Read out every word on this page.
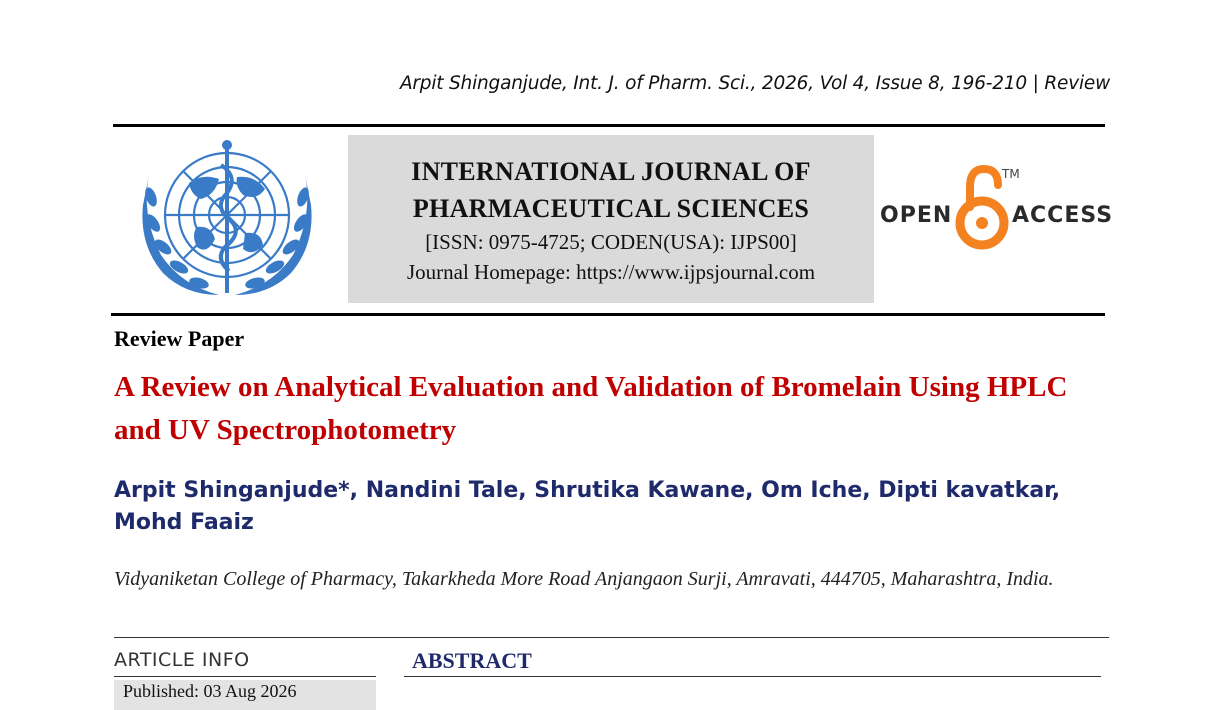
Arpit Shinganjude, Int. J. of Pharm. Sci., 2026, Vol 4, Issue 8, 196-210 | Review
INTERNATIONAL JOURNAL OF
PHARMACEUTICAL SCIENCES
[ISSN: 0975-4725; CODEN(USA): IJPS00]
Journal Homepage: https://www.ijpsjournal.com
OPEN
TM
ACCESS
Review Paper
A Review on Analytical Evaluation and Validation of Bromelain Using HPLC and UV Spectrophotometry
Arpit Shinganjude*, Nandini Tale, Shrutika Kawane, Om Iche, Dipti kavatkar,
Mohd Faaiz
Vidyaniketan College of Pharmacy, Takarkheda More Road Anjangaon Surji, Amravati, 444705, Maharashtra, India.
ARTICLE INFO
Published: 03 Aug 2026
ABSTRACT
